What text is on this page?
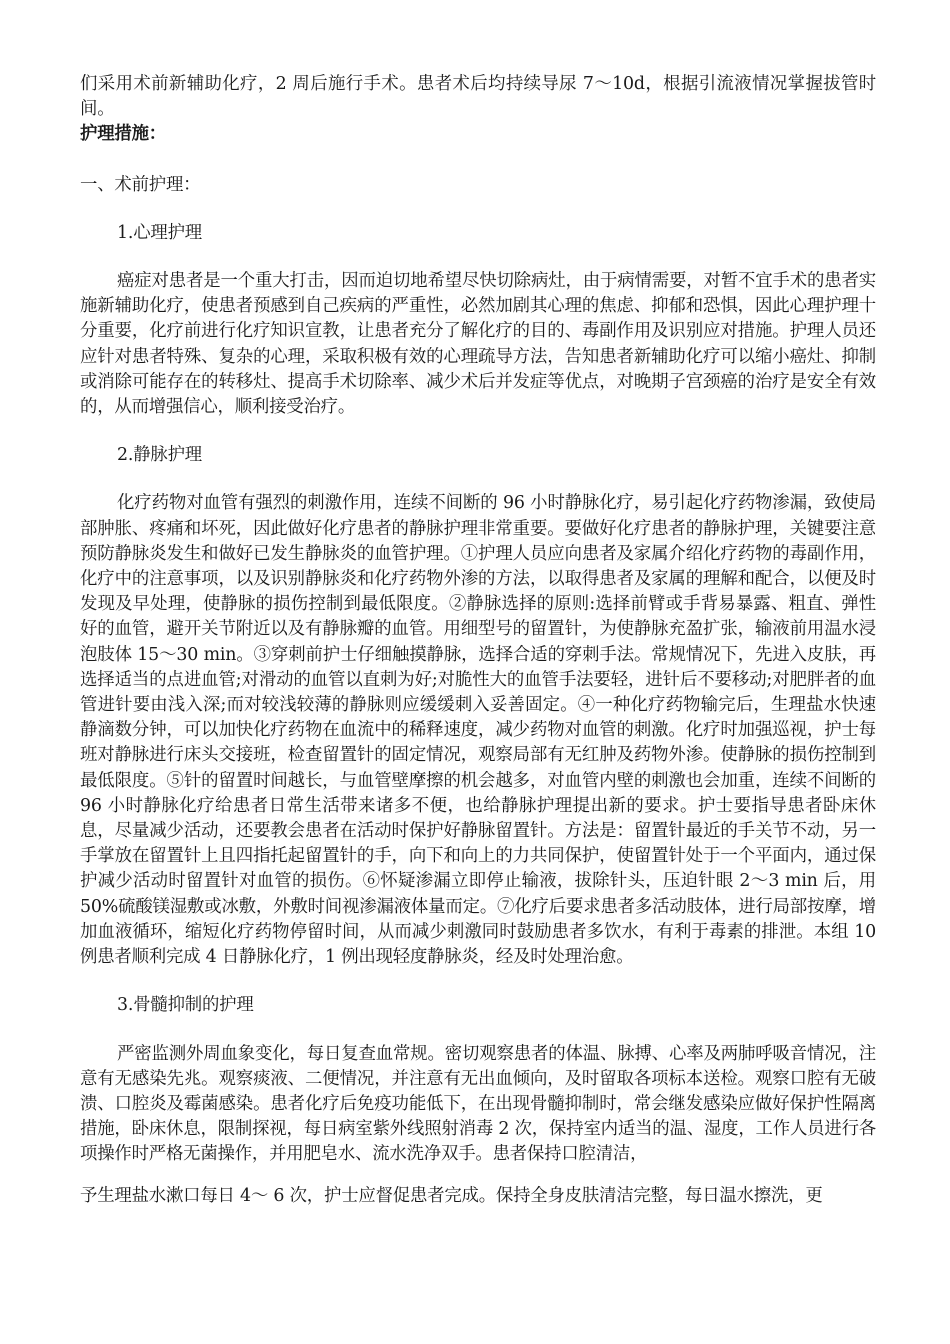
们采用术前新辅助化疗，2 周后施行手术。患者术后均持续导尿 7～10d，根据引流液情况掌握拔管时间。

护理措施：

一、术前护理：

1.心理护理

癌症对患者是一个重大打击，因而迫切地希望尽快切除病灶，由于病情需要，对暂不宜手术的患者实施新辅助化疗，使患者预感到自己疾病的严重性，必然加剧其心理的焦虑、抑郁和恐惧，因此心理护理十分重要，化疗前进行化疗知识宣教，让患者充分了解化疗的目的、毒副作用及识别应对措施。护理人员还应针对患者特殊、复杂的心理，采取积极有效的心理疏导方法，告知患者新辅助化疗可以缩小癌灶、抑制或消除可能存在的转移灶、提高手术切除率、减少术后并发症等优点，对晚期子宫颈癌的治疗是安全有效的，从而增强信心，顺利接受治疗。

2.静脉护理

化疗药物对血管有强烈的刺激作用，连续不间断的 96 小时静脉化疗，易引起化疗药物渗漏，致使局部肿胀、疼痛和坏死，因此做好化疗患者的静脉护理非常重要。要做好化疗患者的静脉护理，关键要注意预防静脉炎发生和做好已发生静脉炎的血管护理。①护理人员应向患者及家属介绍化疗药物的毒副作用，化疗中的注意事项，以及识别静脉炎和化疗药物外渗的方法，以取得患者及家属的理解和配合，以便及时发现及早处理，使静脉的损伤控制到最低限度。②静脉选择的原则:选择前臂或手背易暴露、粗直、弹性好的血管，避开关节附近以及有静脉瓣的血管。用细型号的留置针，为使静脉充盈扩张，输液前用温水浸泡肢体 15～30 min。③穿刺前护士仔细触摸静脉，选择合适的穿刺手法。常规情况下，先进入皮肤，再选择适当的点进血管;对滑动的血管以直刺为好;对脆性大的血管手法要轻，进针后不要移动;对肥胖者的血管进针要由浅入深;而对较浅较薄的静脉则应缓缓刺入妥善固定。④一种化疗药物输完后，生理盐水快速静滴数分钟，可以加快化疗药物在血流中的稀释速度，减少药物对血管的刺激。化疗时加强巡视，护士每班对静脉进行床头交接班，检查留置针的固定情况，观察局部有无红肿及药物外渗。使静脉的损伤控制到最低限度。⑤针的留置时间越长，与血管壁摩擦的机会越多，对血管内壁的刺激也会加重，连续不间断的 96 小时静脉化疗给患者日常生活带来诸多不便，也给静脉护理提出新的要求。护士要指导患者卧床休息，尽量减少活动，还要教会患者在活动时保护好静脉留置针。方法是：留置针最近的手关节不动，另一手掌放在留置针上且四指托起留置针的手，向下和向上的力共同保护，使留置针处于一个平面内，通过保护减少活动时留置针对血管的损伤。⑥怀疑渗漏立即停止输液，拔除针头，压迫针眼 2～3 min 后，用 50%硫酸镁湿敷或冰敷，外敷时间视渗漏液体量而定。⑦化疗后要求患者多活动肢体，进行局部按摩，增加血液循环，缩短化疗药物停留时间，从而减少刺激同时鼓励患者多饮水，有利于毒素的排泄。本组 10 例患者顺利完成 4 日静脉化疗，1 例出现轻度静脉炎，经及时处理治愈。

3.骨髓抑制的护理

严密监测外周血象变化，每日复查血常规。密切观察患者的体温、脉搏、心率及两肺呼吸音情况，注意有无感染先兆。观察痰液、二便情况，并注意有无出血倾向，及时留取各项标本送检。观察口腔有无破溃、口腔炎及霉菌感染。患者化疗后免疫功能低下，在出现骨髓抑制时，常会继发感染应做好保护性隔离措施，卧床休息，限制探视，每日病室紫外线照射消毒 2 次，保持室内适当的温、湿度，工作人员进行各项操作时严格无菌操作，并用肥皂水、流水洗净双手。患者保持口腔清洁，

予生理盐水漱口每日 4～ 6 次，护士应督促患者完成。保持全身皮肤清洁完整，每日温水擦洗，更
